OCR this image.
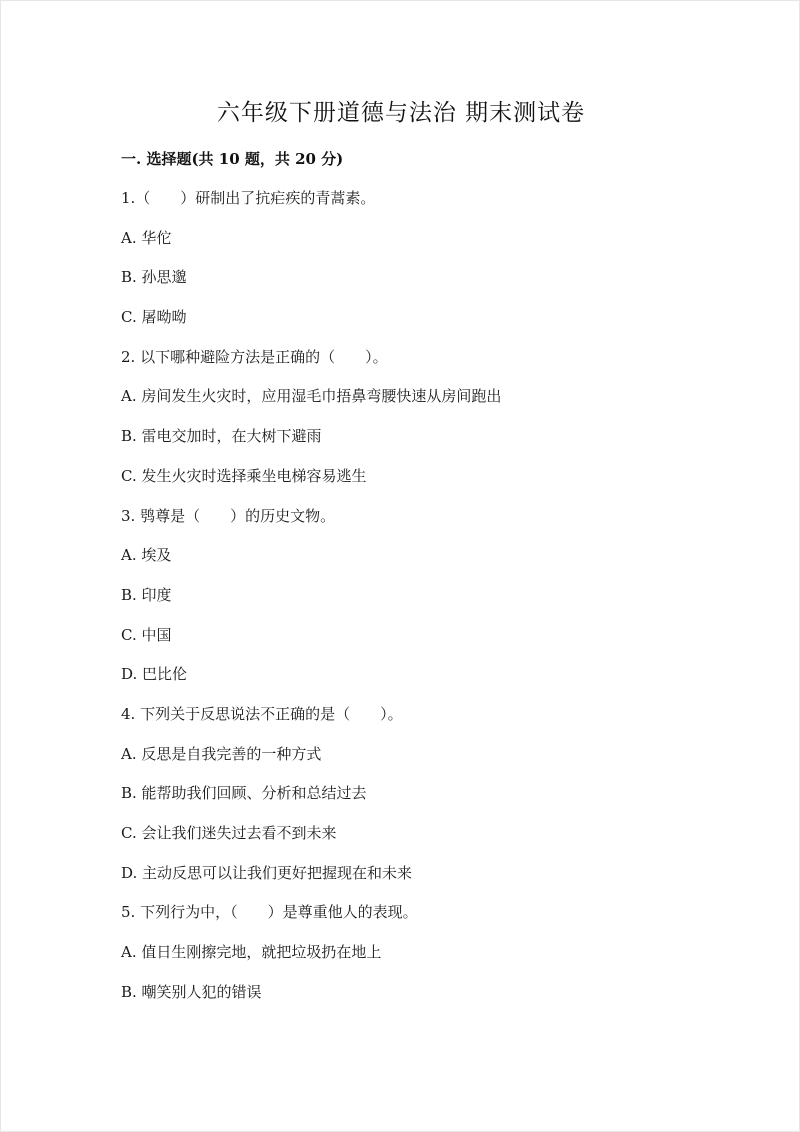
六年级下册道德与法治 期末测试卷
一. 选择题(共 10 题，共 20 分)
1.（　　）研制出了抗疟疾的青蒿素。
A. 华佗
B. 孙思邈
C. 屠呦呦
2. 以下哪种避险方法是正确的（　　）。
A. 房间发生火灾时，应用湿毛巾捂鼻弯腰快速从房间跑出
B. 雷电交加时，在大树下避雨
C. 发生火灾时选择乘坐电梯容易逃生
3. 鸮尊是（　　）的历史文物。
A. 埃及
B. 印度
C. 中国
D. 巴比伦
4. 下列关于反思说法不正确的是（　　）。
A. 反思是自我完善的一种方式
B. 能帮助我们回顾、分析和总结过去
C. 会让我们迷失过去看不到未来
D. 主动反思可以让我们更好把握现在和未来
5. 下列行为中，（　　）是尊重他人的表现。
A. 值日生刚擦完地，就把垃圾扔在地上
B. 嘲笑别人犯的错误
